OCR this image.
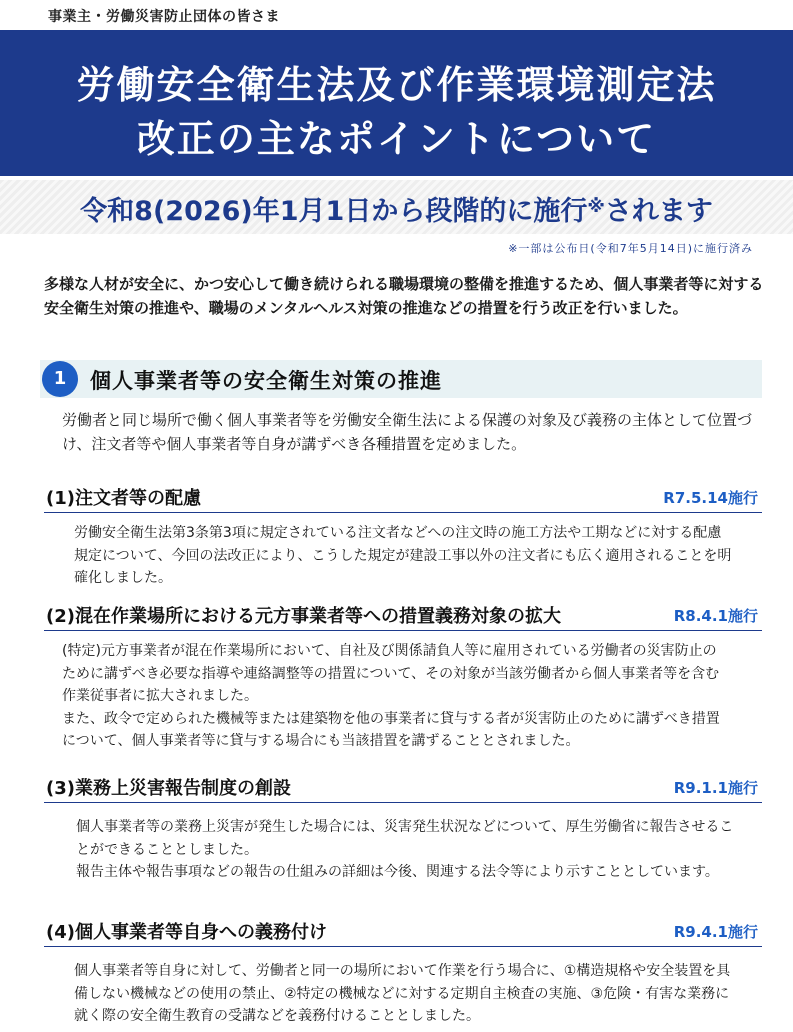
事業主・労働災害防止団体の皆さま
労働安全衛生法及び作業環境測定法
改正の主なポイントについて
令和8(2026)年1月1日から段階的に施行※されます
※一部は公布日(令和7年5月14日)に施行済み
多様な人材が安全に、かつ安心して働き続けられる職場環境の整備を推進するため、個人事業者等に対する安全衛生対策の推進や、職場のメンタルヘルス対策の推進などの措置を行う改正を行いました。
1	個人事業者等の安全衛生対策の推進
労働者と同じ場所で働く個人事業者等を労働安全衛生法による保護の対象及び義務の主体として位置づけ、注文者等や個人事業者等自身が講ずべき各種措置を定めました。
(1)注文者等の配慮	R7.5.14施行

労働安全衛生法第3条第3項に規定されている注文者などへの注文時の施工方法や工期などに対する配慮規定について、今回の法改正により、こうした規定が建設工事以外の注文者にも広く適用されることを明確化しました。

(2)混在作業場所における元方事業者等への措置義務対象の拡大	R8.4.1施行

(特定)元方事業者が混在作業場所において、自社及び関係請負人等に雇用されている労働者の災害防止のために講ずべき必要な指導や連絡調整等の措置について、その対象が当該労働者から個人事業者等を含む作業従事者に拡大されました。

また、政令で定められた機械等または建築物を他の事業者に貸与する者が災害防止のために講ずべき措置について、個人事業者等に貸与する場合にも当該措置を講ずることとされました。

(3)業務上災害報告制度の創設	R9.1.1施行

個人事業者等の業務上災害が発生した場合には、災害発生状況などについて、厚生労働省に報告させることができることとしました。

報告主体や報告事項などの報告の仕組みの詳細は今後、関連する法令等により示すこととしています。

(4)個人事業者等自身への義務付け	R9.4.1施行

個人事業者等自身に対して、労働者と同一の場所において作業を行う場合に、①構造規格や安全装置を具備しない機械などの使用の禁止、②特定の機械などに対する定期自主検査の実施、③危険・有害な業務に就く際の安全衛生教育の受講などを義務付けることとしました。
